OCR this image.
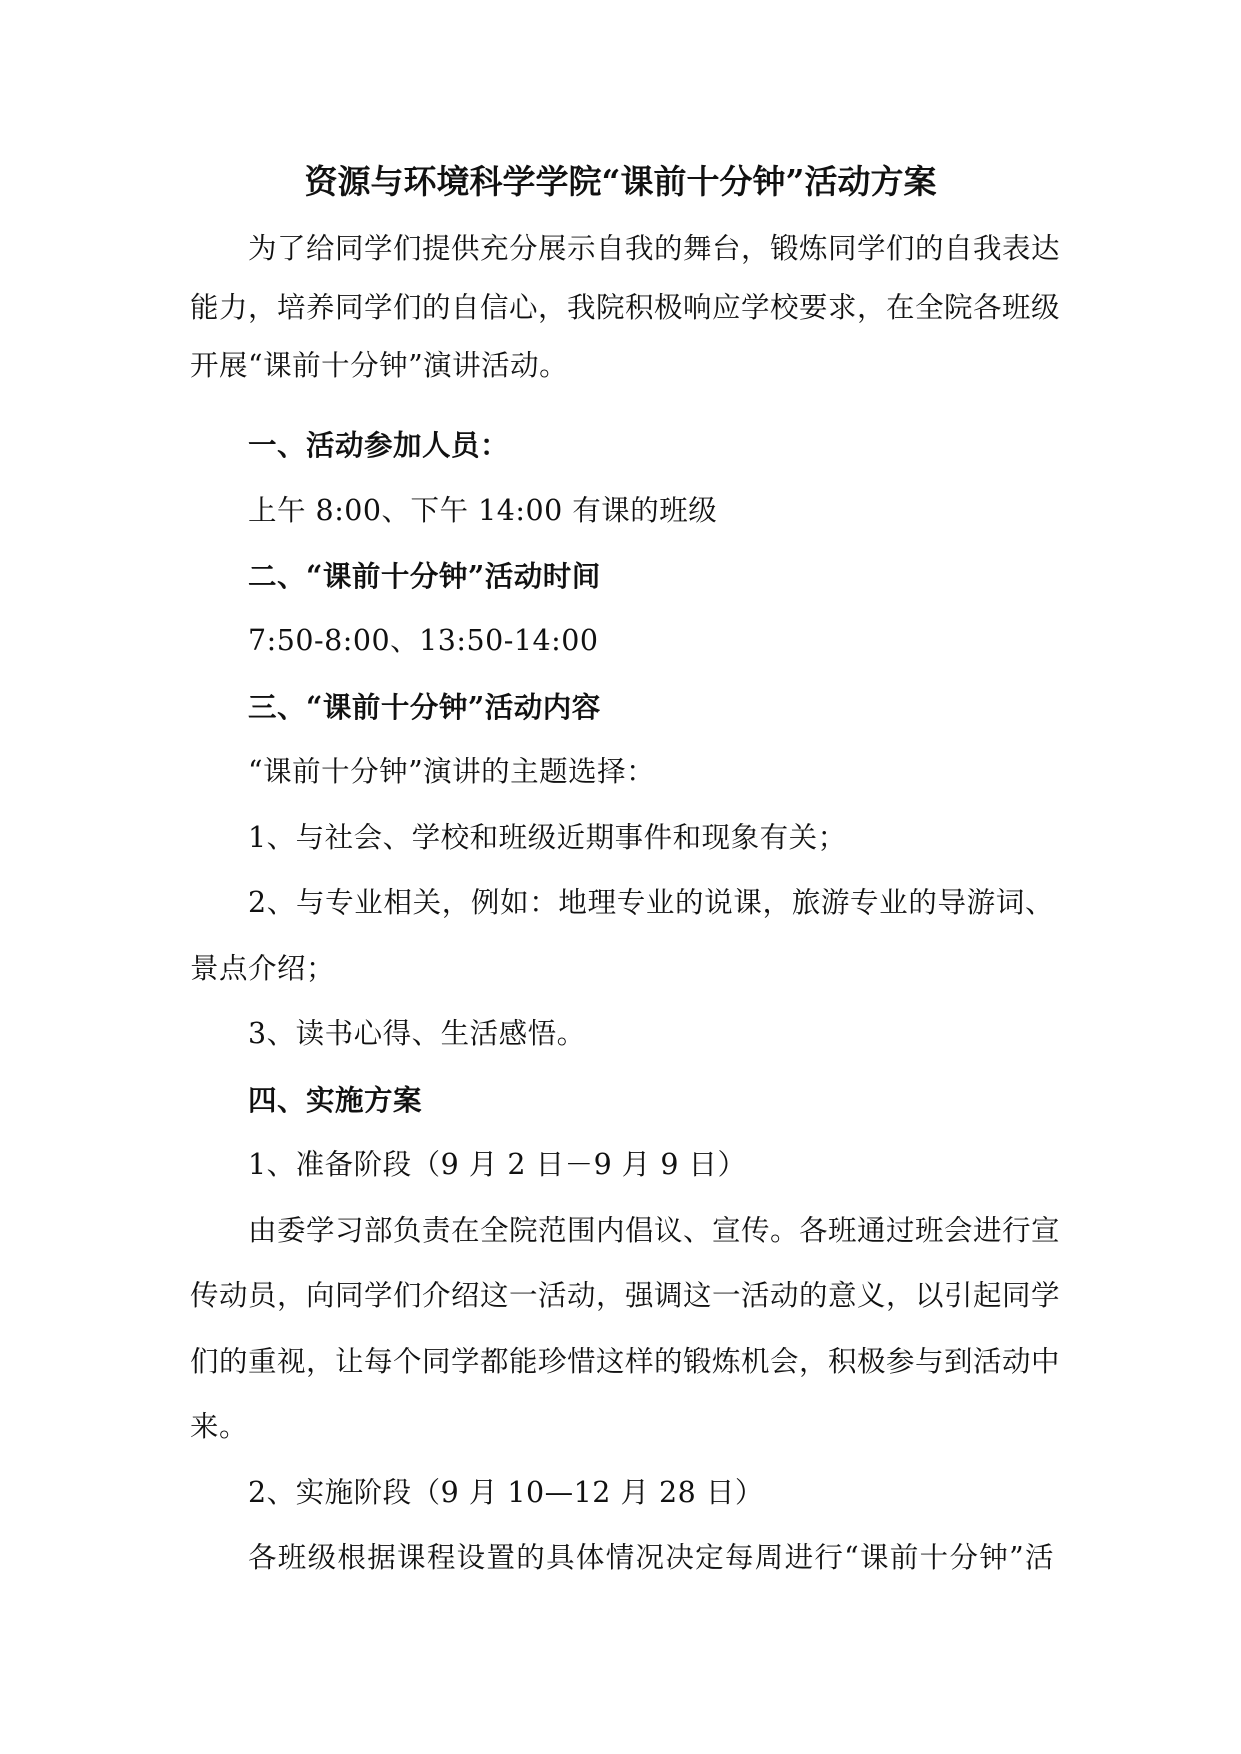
资源与环境科学学院“课前十分钟”活动方案
为了给同学们提供充分展示自我的舞台，锻炼同学们的自我表达
能力，培养同学们的自信心，我院积极响应学校要求，在全院各班级
开展“课前十分钟”演讲活动。
一、活动参加人员：
上午 8:00、下午 14:00 有课的班级
二、“课前十分钟”活动时间
7:50-8:00、13:50-14:00
三、“课前十分钟”活动内容
“课前十分钟”演讲的主题选择：
1、与社会、学校和班级近期事件和现象有关；
2、与专业相关，例如：地理专业的说课，旅游专业的导游词、
景点介绍；
3、读书心得、生活感悟。
四、实施方案
1、准备阶段（9 月 2 日－9 月 9 日）
由委学习部负责在全院范围内倡议、宣传。各班通过班会进行宣
传动员，向同学们介绍这一活动，强调这一活动的意义，以引起同学
们的重视，让每个同学都能珍惜这样的锻炼机会，积极参与到活动中
来。
2、实施阶段（9 月 10—12 月 28 日）
各班级根据课程设置的具体情况决定每周进行“课前十分钟”活
